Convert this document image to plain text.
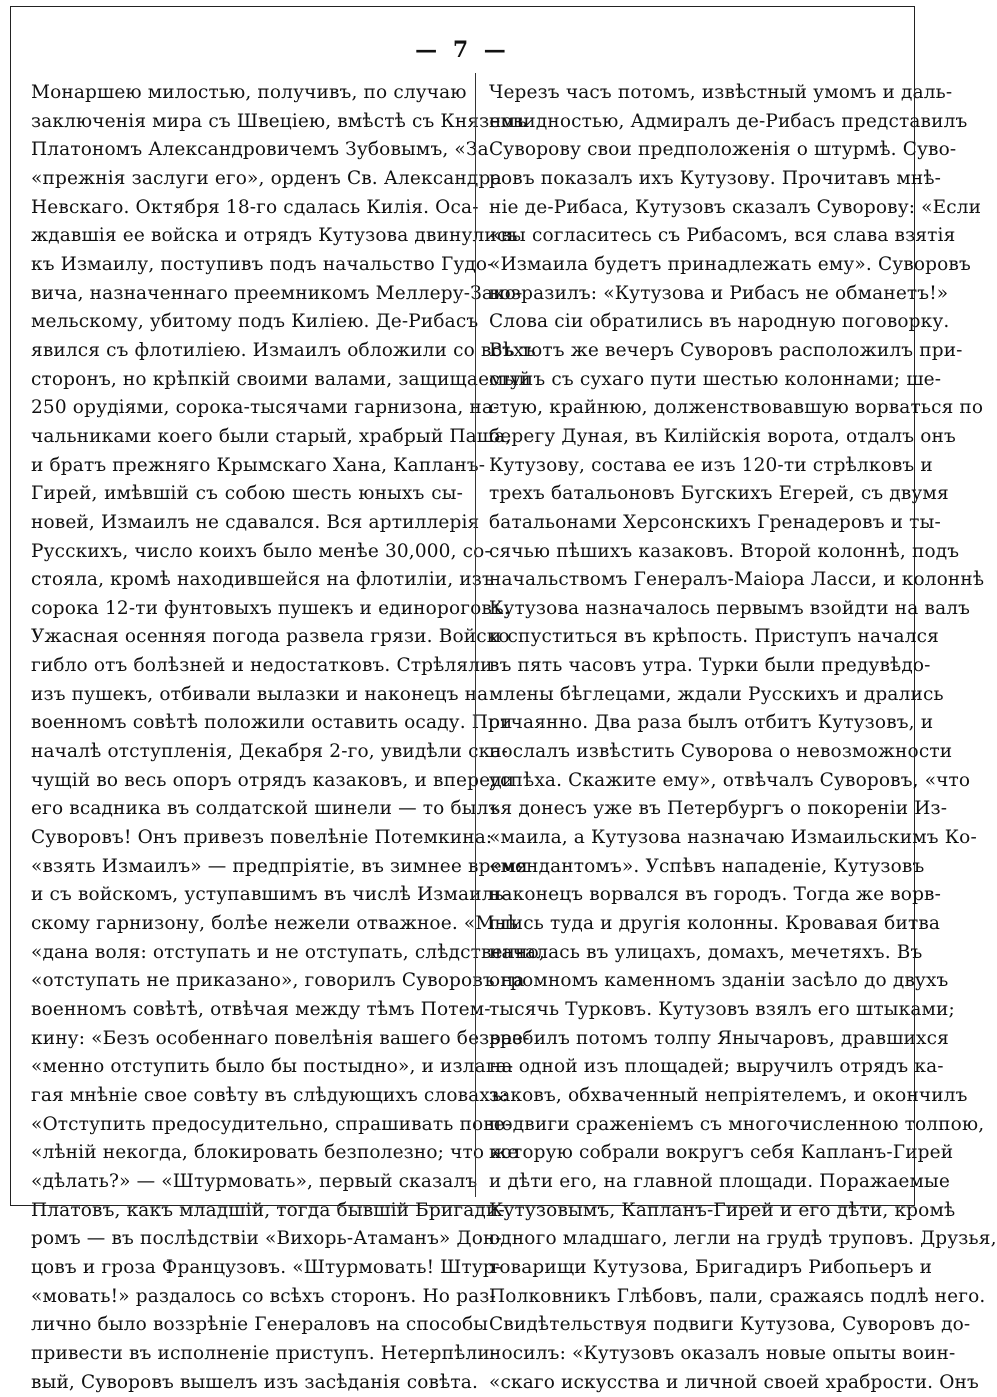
— 7 —
Монаршею милостью, получивъ, по случаю
заключенія мира съ Швеціею, вмѣстѣ съ Княземъ
Платономъ Александровичемъ Зубовымъ, «За
«прежнія заслуги его», орденъ Св. Александра
Невскаго. Октября 18-го сдалась Килія. Оса-
ждавшія ее войска и отрядъ Кутузова двинулись
къ Измаилу, поступивъ подъ начальство Гудо-
вича, назначеннаго преемникомъ Меллеру-Зако-
мельскому, убитому подъ Киліею. Де-Рибасъ
явился съ флотиліею. Измаилъ обложили со всѣхъ
сторонъ, но крѣпкій своими валами, защищаемый
250 орудіями, сорока-тысячами гарнизона, на-
чальниками коего были старый, храбрый Паша,
и братъ прежняго Крымскаго Хана, Капланъ-
Гирей, имѣвшій съ собою шесть юныхъ сы-
новей, Измаилъ не сдавался. Вся артиллерія
Русскихъ, число коихъ было менѣе 30,000, со-
стояла, кромѣ находившейся на флотиліи, изъ
сорока 12-ти фунтовыхъ пушекъ и единороговъ.
Ужасная осенняя погода развела грязи. Войско
гибло отъ болѣзней и недостатковъ. Стрѣляли
изъ пушекъ, отбивали вылазки и наконецъ на
военномъ совѣтѣ положили оставить осаду. При
началѣ отступленія, Декабря 2-го, увидѣли ска-
чущій во весь опоръ отрядъ казаковъ, и впереди
его всадника въ солдатской шинели — то былъ
Суворовъ! Онъ привезъ повелѣніе Потемкина:
«взять Измаилъ» — предпріятіе, въ зимнее время
и съ войскомъ, уступавшимъ въ числѣ Измаиль-
скому гарнизону, болѣе нежели отважное. «Мнѣ
«дана воля: отступать и не отступать, слѣдственно,
«отступать не приказано», говорилъ Суворовъ на
военномъ совѣтѣ, отвѣчая между тѣмъ Потем-
кину: «Безъ особеннаго повелѣнія вашего безвре-
«менно отступить было бы постыдно», и излага-
гая мнѣніе свое совѣту въ слѣдующихъ словахъ:
«Отступить предосудительно, спрашивать пове-
«лѣній некогда, блокировать безполезно; что же
«дѣлать?» — «Штурмовать», первый сказалъ
Платовъ, какъ младшій, тогда бывшій Бригади-
ромъ — въ послѣдствіи «Вихорь-Атаманъ» Дон-
цовъ и гроза Французовъ. «Штурмовать! Штур-
«мовать!» раздалось со всѣхъ сторонъ. Но раз-
лично было воззрѣніе Генераловъ на способы
привести въ исполненіе приступъ. Нетерпѣли-
вый, Суворовъ вышелъ изъ засѣданія совѣта.
Черезъ часъ потомъ, извѣстный умомъ и даль-
новидностью, Адмиралъ де-Рибасъ представилъ
Суворову свои предположенія о штурмѣ. Суво-
ровъ показалъ ихъ Кутузову. Прочитавъ мнѣ-
ніе де-Рибаса, Кутузовъ сказалъ Суворову: «Если
«вы согласитесь съ Рибасомъ, вся слава взятія
«Измаила будетъ принадлежать ему». Суворовъ
возразилъ: «Кутузова и Рибасъ не обманетъ!»
Слова сіи обратились въ народную поговорку.
Въ тотъ же вечеръ Суворовъ расположилъ при-
ступъ съ сухаго пути шестью колоннами; ше-
стую, крайнюю, долженствовавшую ворваться по
берегу Дуная, въ Килійскія ворота, отдалъ онъ
Кутузову, состава ее изъ 120-ти стрѣлковъ и
трехъ батальоновъ Бугскихъ Егерей, съ двумя
батальонами Херсонскихъ Гренадеровъ и ты-
сячью пѣшихъ казаковъ. Второй колоннѣ, подъ
начальствомъ Генералъ-Маіора Ласси, и колоннѣ
Кутузова назначалось первымъ взойдти на валъ
и спуститься въ крѣпость. Приступъ начался
въ пять часовъ утра. Турки были предувѣдо-
млены бѣглецами, ждали Русскихъ и дрались
отчаянно. Два раза былъ отбитъ Кутузовъ, и
послалъ извѣстить Суворова о невозможности
успѣха. Скажите ему», отвѣчалъ Суворовъ, «что
«я донесъ уже въ Петербургъ о покореніи Из-
«маила, а Кутузова назначаю Измаильскимъ Ко-
«мендантомъ». Успѣвъ нападеніе, Кутузовъ
наконецъ ворвался въ городъ. Тогда же ворв-
глись туда и другія колонны. Кровавая битва
началась въ улицахъ, домахъ, мечетяхъ. Въ
огромномъ каменномъ зданіи засѣло до двухъ
тысячь Турковъ. Кутузовъ взялъ его штыками;
разбилъ потомъ толпу Янычаровъ, дравшихся
на одной изъ площадей; выручилъ отрядъ ка-
заковъ, обхваченный непріятелемъ, и окончилъ
подвиги сраженіемъ съ многочисленною толпою,
которую собрали вокругъ себя Капланъ-Гирей
и дѣти его, на главной площади. Поражаемые
Кутузовымъ, Капланъ-Гирей и его дѣти, кромѣ
одного младшаго, легли на грудѣ труповъ. Друзья,
товарищи Кутузова, Бригадиръ Рибопьеръ и
Полковникъ Глѣбовъ, пали, сражаясь подлѣ него.
Свидѣтельствуя подвиги Кутузова, Суворовъ до-
носилъ: «Кутузовъ оказалъ новые опыты воин-
«скаго искусства и личной своей храбрости. Онъ
